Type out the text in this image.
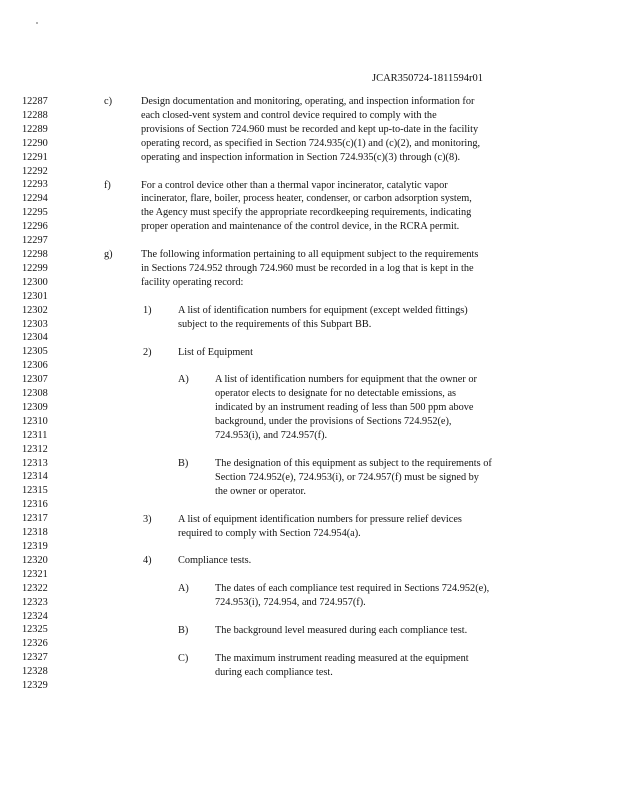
JCAR350724-1811594r01
12287
12288
12289
12290
12291
12292
12293
12294
12295
12296
12297
12298
12299
12300
12301
12302
12303
12304
12305
12306
12307
12308
12309
12310
12311
12312
12313
12314
12315
12316
12317
12318
12319
12320
12321
12322
12323
12324
12325
12326
12327
12328
12329
c)	Design documentation and monitoring, operating, and inspection information for
each closed-vent system and control device required to comply with the
provisions of Section 724.960 must be recorded and kept up-to-date in the facility
operating record, as specified in Section 724.935(c)(1) and (c)(2), and monitoring,
operating and inspection information in Section 724.935(c)(3) through (c)(8).
f)	For a control device other than a thermal vapor incinerator, catalytic vapor
incinerator, flare, boiler, process heater, condenser, or carbon adsorption system,
the Agency must specify the appropriate recordkeeping requirements, indicating
proper operation and maintenance of the control device, in the RCRA permit.
g)	The following information pertaining to all equipment subject to the requirements
in Sections 724.952 through 724.960 must be recorded in a log that is kept in the
facility operating record:
1)	A list of identification numbers for equipment (except welded fittings)
subject to the requirements of this Subpart BB.
2)	List of Equipment
A)	A list of identification numbers for equipment that the owner or
operator elects to designate for no detectable emissions, as
indicated by an instrument reading of less than 500 ppm above
background, under the provisions of Sections 724.952(e),
724.953(i), and 724.957(f).
B)	The designation of this equipment as subject to the requirements of
Section 724.952(e), 724.953(i), or 724.957(f) must be signed by
the owner or operator.
3)	A list of equipment identification numbers for pressure relief devices
required to comply with Section 724.954(a).
4)	Compliance tests.
A)	The dates of each compliance test required in Sections 724.952(e),
724.953(i), 724.954, and 724.957(f).
B)	The background level measured during each compliance test.
C)	The maximum instrument reading measured at the equipment
during each compliance test.
